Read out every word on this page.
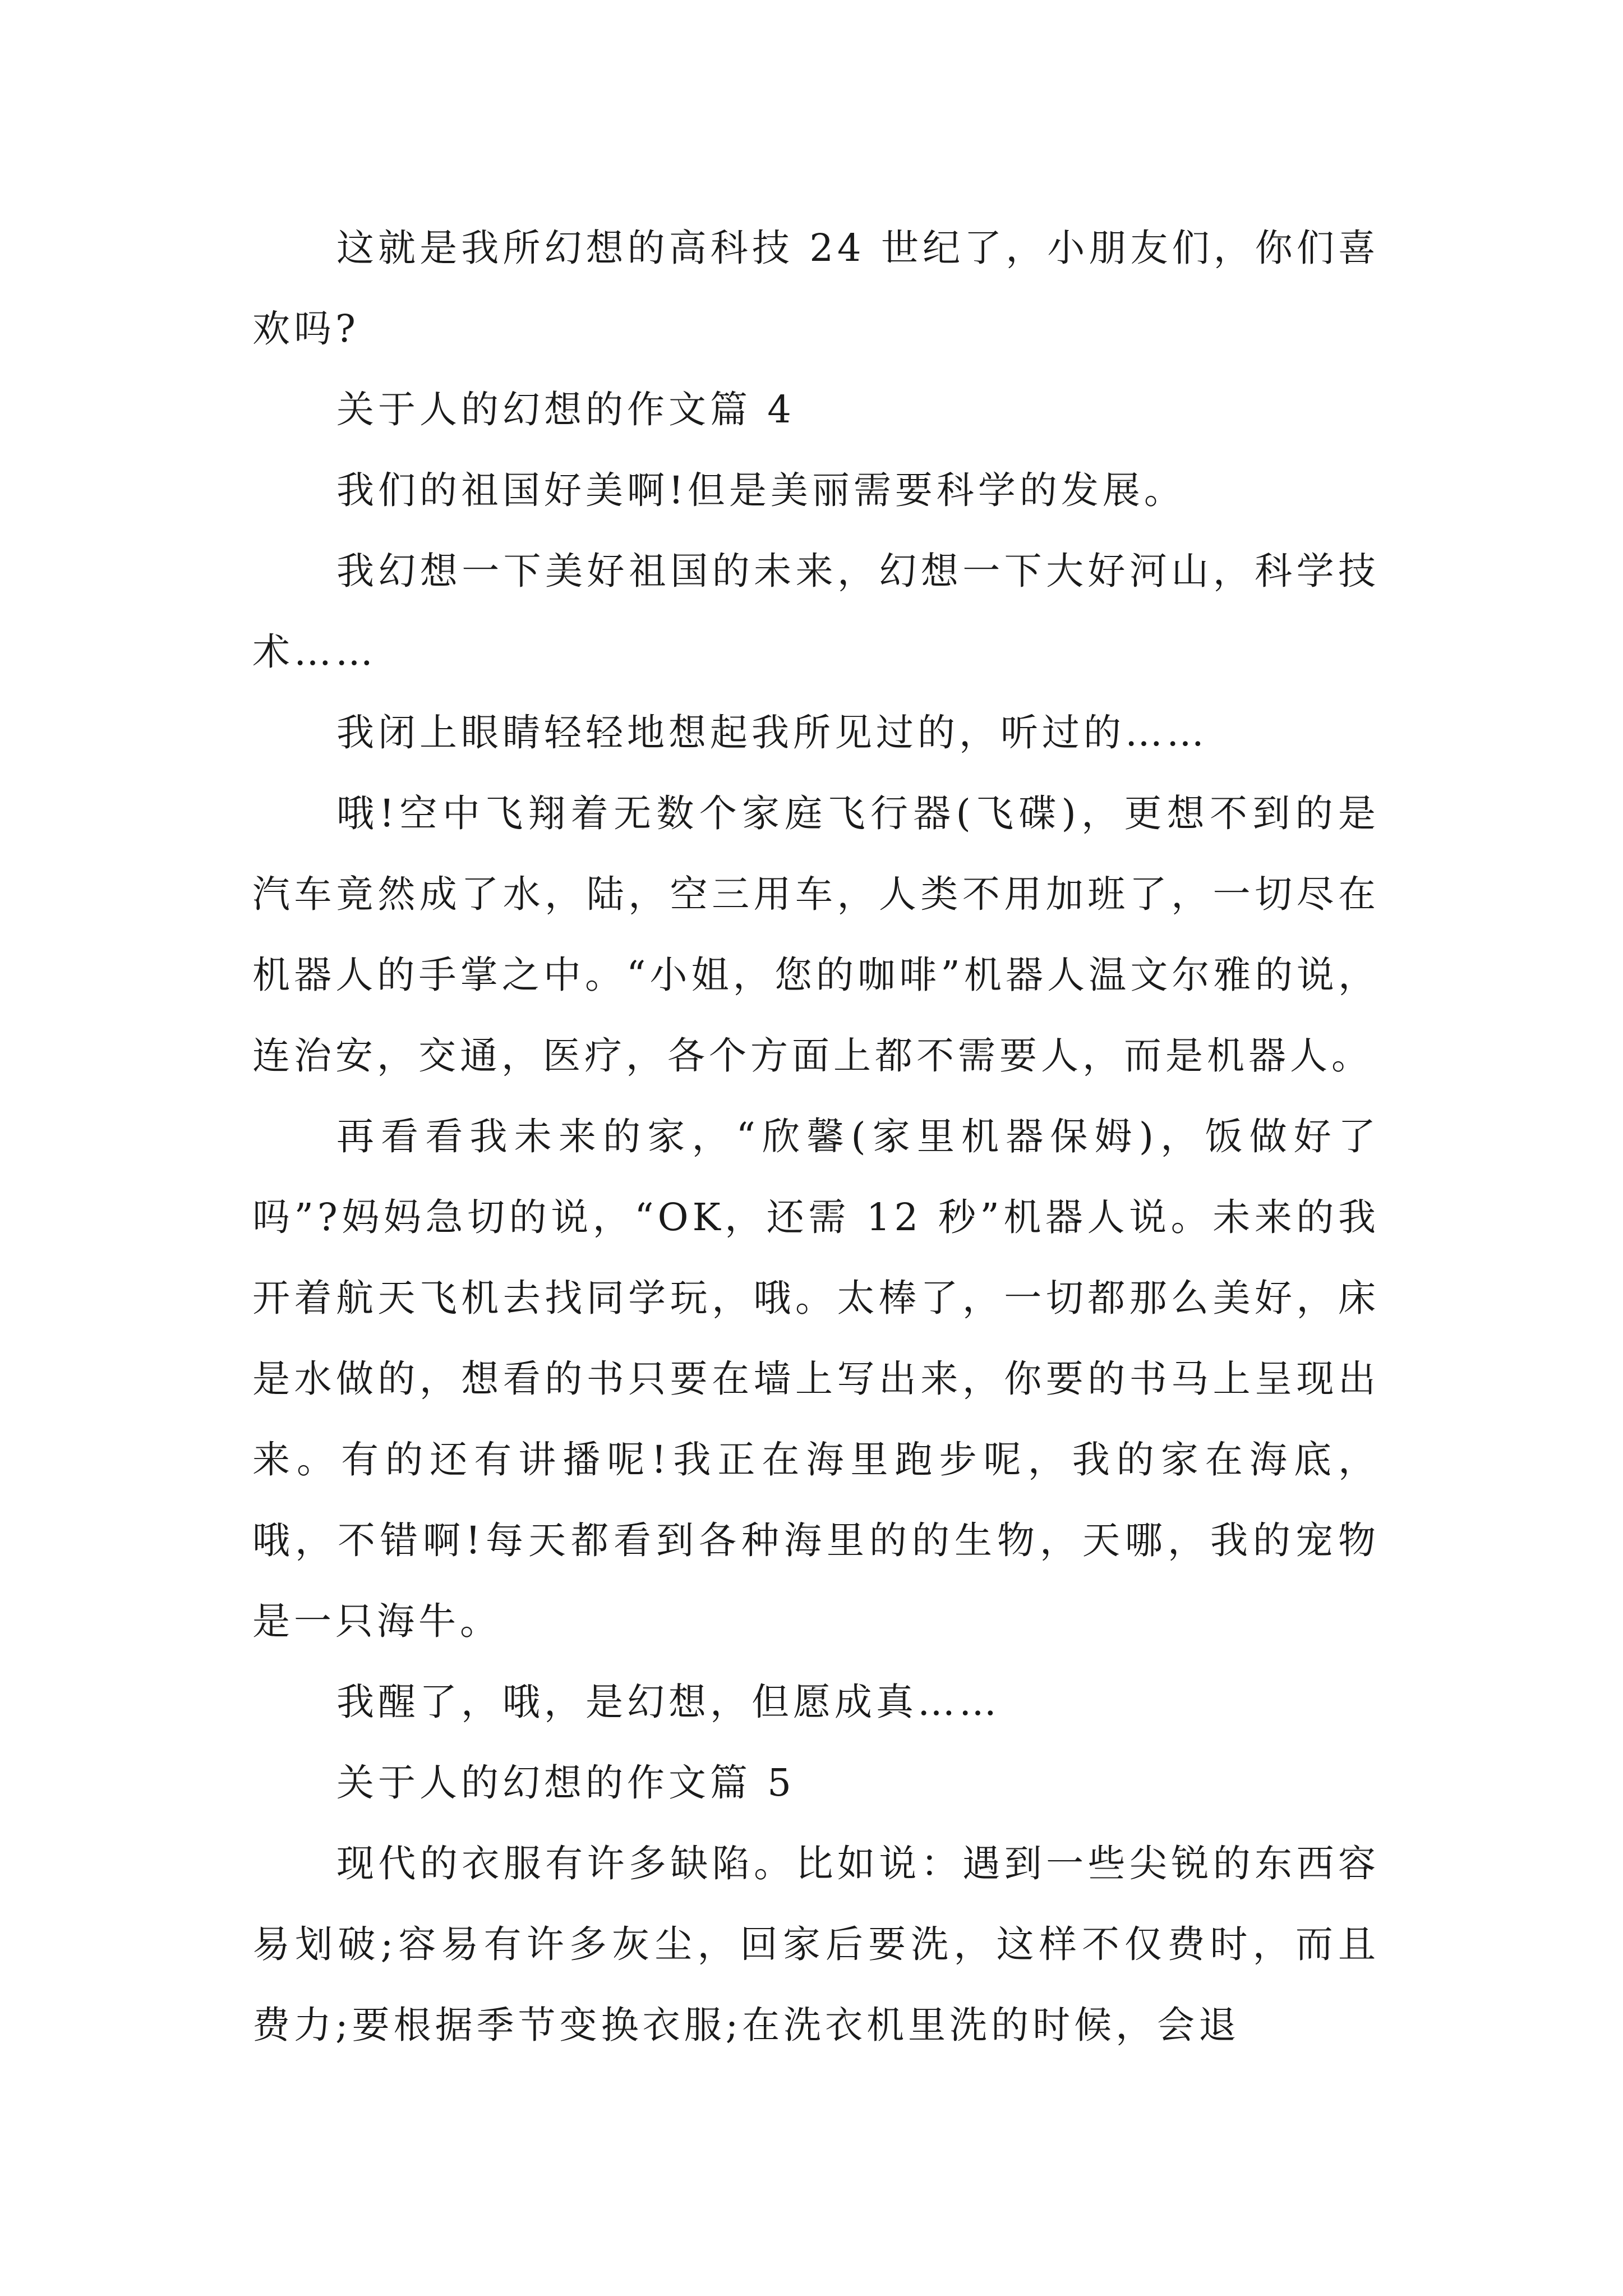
这就是我所幻想的高科技 24 世纪了，小朋友们，你们喜欢吗?

关于人的幻想的作文篇 4

我们的祖国好美啊!但是美丽需要科学的发展。

我幻想一下美好祖国的未来，幻想一下大好河山，科学技术……

我闭上眼睛轻轻地想起我所见过的，听过的……

哦!空中飞翔着无数个家庭飞行器(飞碟)，更想不到的是汽车竟然成了水，陆，空三用车，人类不用加班了，一切尽在机器人的手掌之中。“小姐，您的咖啡”机器人温文尔雅的说，连治安，交通，医疗，各个方面上都不需要人，而是机器人。

再看看我未来的家，“欣馨(家里机器保姆)，饭做好了吗”?妈妈急切的说，“OK，还需 12 秒”机器人说。未来的我开着航天飞机去找同学玩，哦。太棒了，一切都那么美好，床是水做的，想看的书只要在墙上写出来，你要的书马上呈现出来。有的还有讲播呢!我正在海里跑步呢，我的家在海底，哦，不错啊!每天都看到各种海里的的生物，天哪，我的宠物是一只海牛。

我醒了，哦，是幻想，但愿成真……

关于人的幻想的作文篇 5

现代的衣服有许多缺陷。比如说：遇到一些尖锐的东西容易划破;容易有许多灰尘，回家后要洗，这样不仅费时，而且费力;要根据季节变换衣服;在洗衣机里洗的时候，会退
